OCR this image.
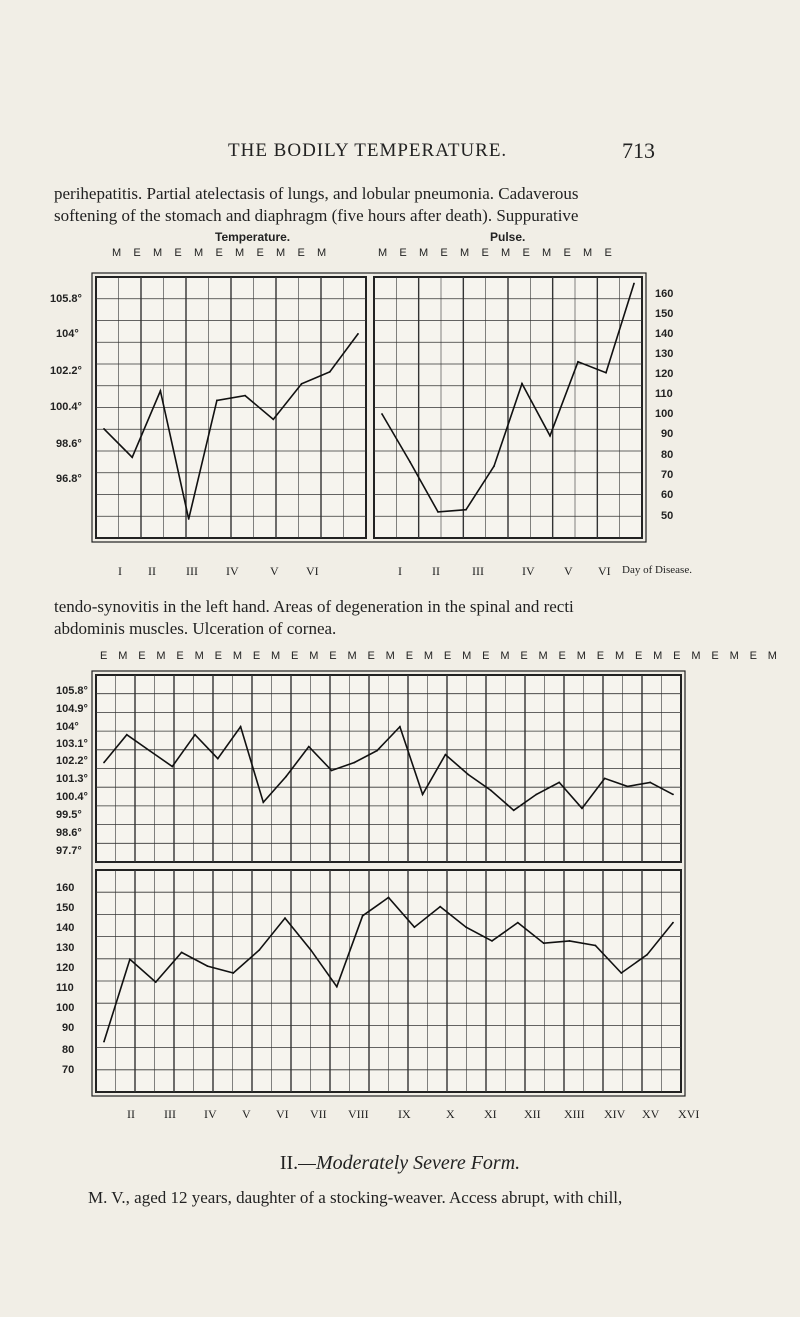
THE BODILY TEMPERATURE.	713
perihepatitis. Partial atelectasis of lungs, and lobular pneumonia. Cadaverous
softening of the stomach and diaphragm (five hours after death). Suppurative
Temperature.	Pulse.
M E M E M E M E M E M	M E M E M E M E M E M E
105.8°
104°
102.2°
100.4°
98.6°
96.8°
160
150
140
130
120
110
100
90
80
70
60
50
I II	III IV	V VI	I	II	III	IV V VI	Day of Disease.
tendo-synovitis in the left hand. Areas of degeneration in the spinal and recti
abdominis muscles. Ulceration of cornea.
E M E M E M E M E M E M E M E M E M E M E M E M E M E M E M E M E M E M
105.8°
104.9°
104°
103.1°
102.2°
101.3°
100.4°
99.5°
98.6°
97.7°
160
150
140
130
120
110
100
90
80
70
II III IV V VI VII VIII IX	X XI XII XIII XIV XV XVI
II.—Moderately Severe Form.
M. V., aged 12 years, daughter of a stocking-weaver. Access abrupt, with chill,
